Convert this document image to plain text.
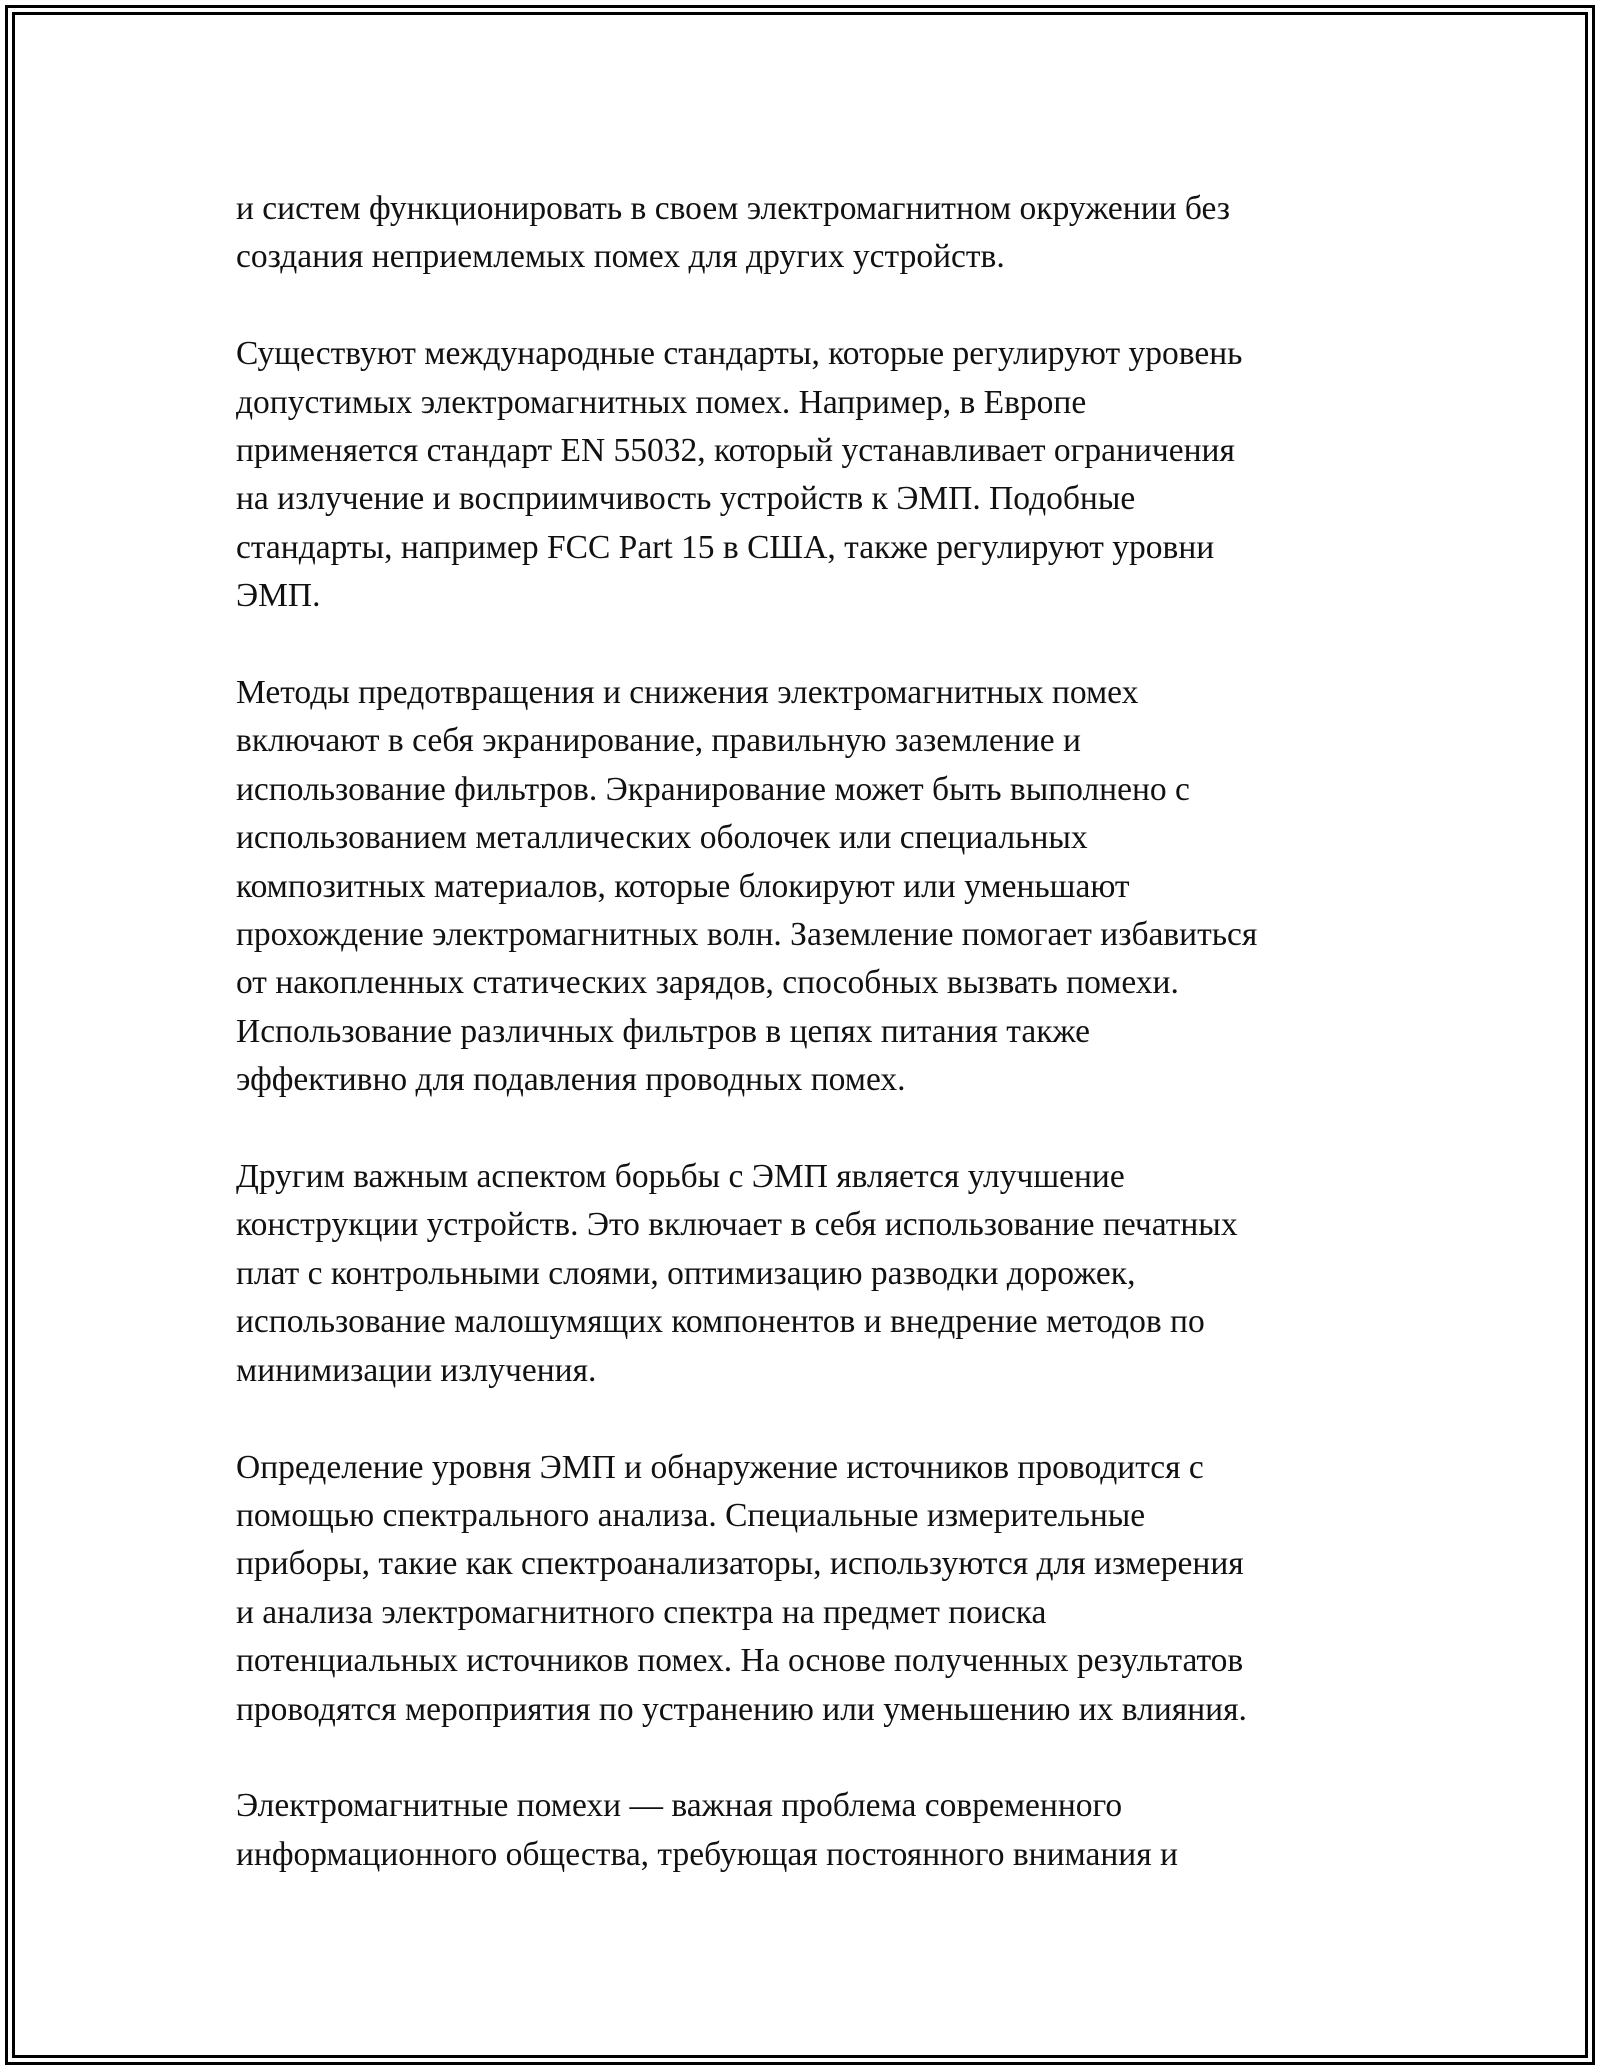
и систем функционировать в своем электромагнитном окружении без
создания неприемлемых помех для других устройств.

Существуют международные стандарты, которые регулируют уровень
допустимых электромагнитных помех. Например, в Европе
применяется стандарт EN 55032, который устанавливает ограничения
на излучение и восприимчивость устройств к ЭМП. Подобные
стандарты, например FCC Part 15 в США, также регулируют уровни
ЭМП.

Методы предотвращения и снижения электромагнитных помех
включают в себя экранирование, правильную заземление и
использование фильтров. Экранирование может быть выполнено с
использованием металлических оболочек или специальных
композитных материалов, которые блокируют или уменьшают
прохождение электромагнитных волн. Заземление помогает избавиться
от накопленных статических зарядов, способных вызвать помехи.
Использование различных фильтров в цепях питания также
эффективно для подавления проводных помех.

Другим важным аспектом борьбы с ЭМП является улучшение
конструкции устройств. Это включает в себя использование печатных
плат с контрольными слоями, оптимизацию разводки дорожек,
использование малошумящих компонентов и внедрение методов по
минимизации излучения.

Определение уровня ЭМП и обнаружение источников проводится с
помощью спектрального анализа. Специальные измерительные
приборы, такие как спектроанализаторы, используются для измерения
и анализа электромагнитного спектра на предмет поиска
потенциальных источников помех. На основе полученных результатов
проводятся мероприятия по устранению или уменьшению их влияния.

Электромагнитные помехи — важная проблема современного
информационного общества, требующая постоянного внимания и
